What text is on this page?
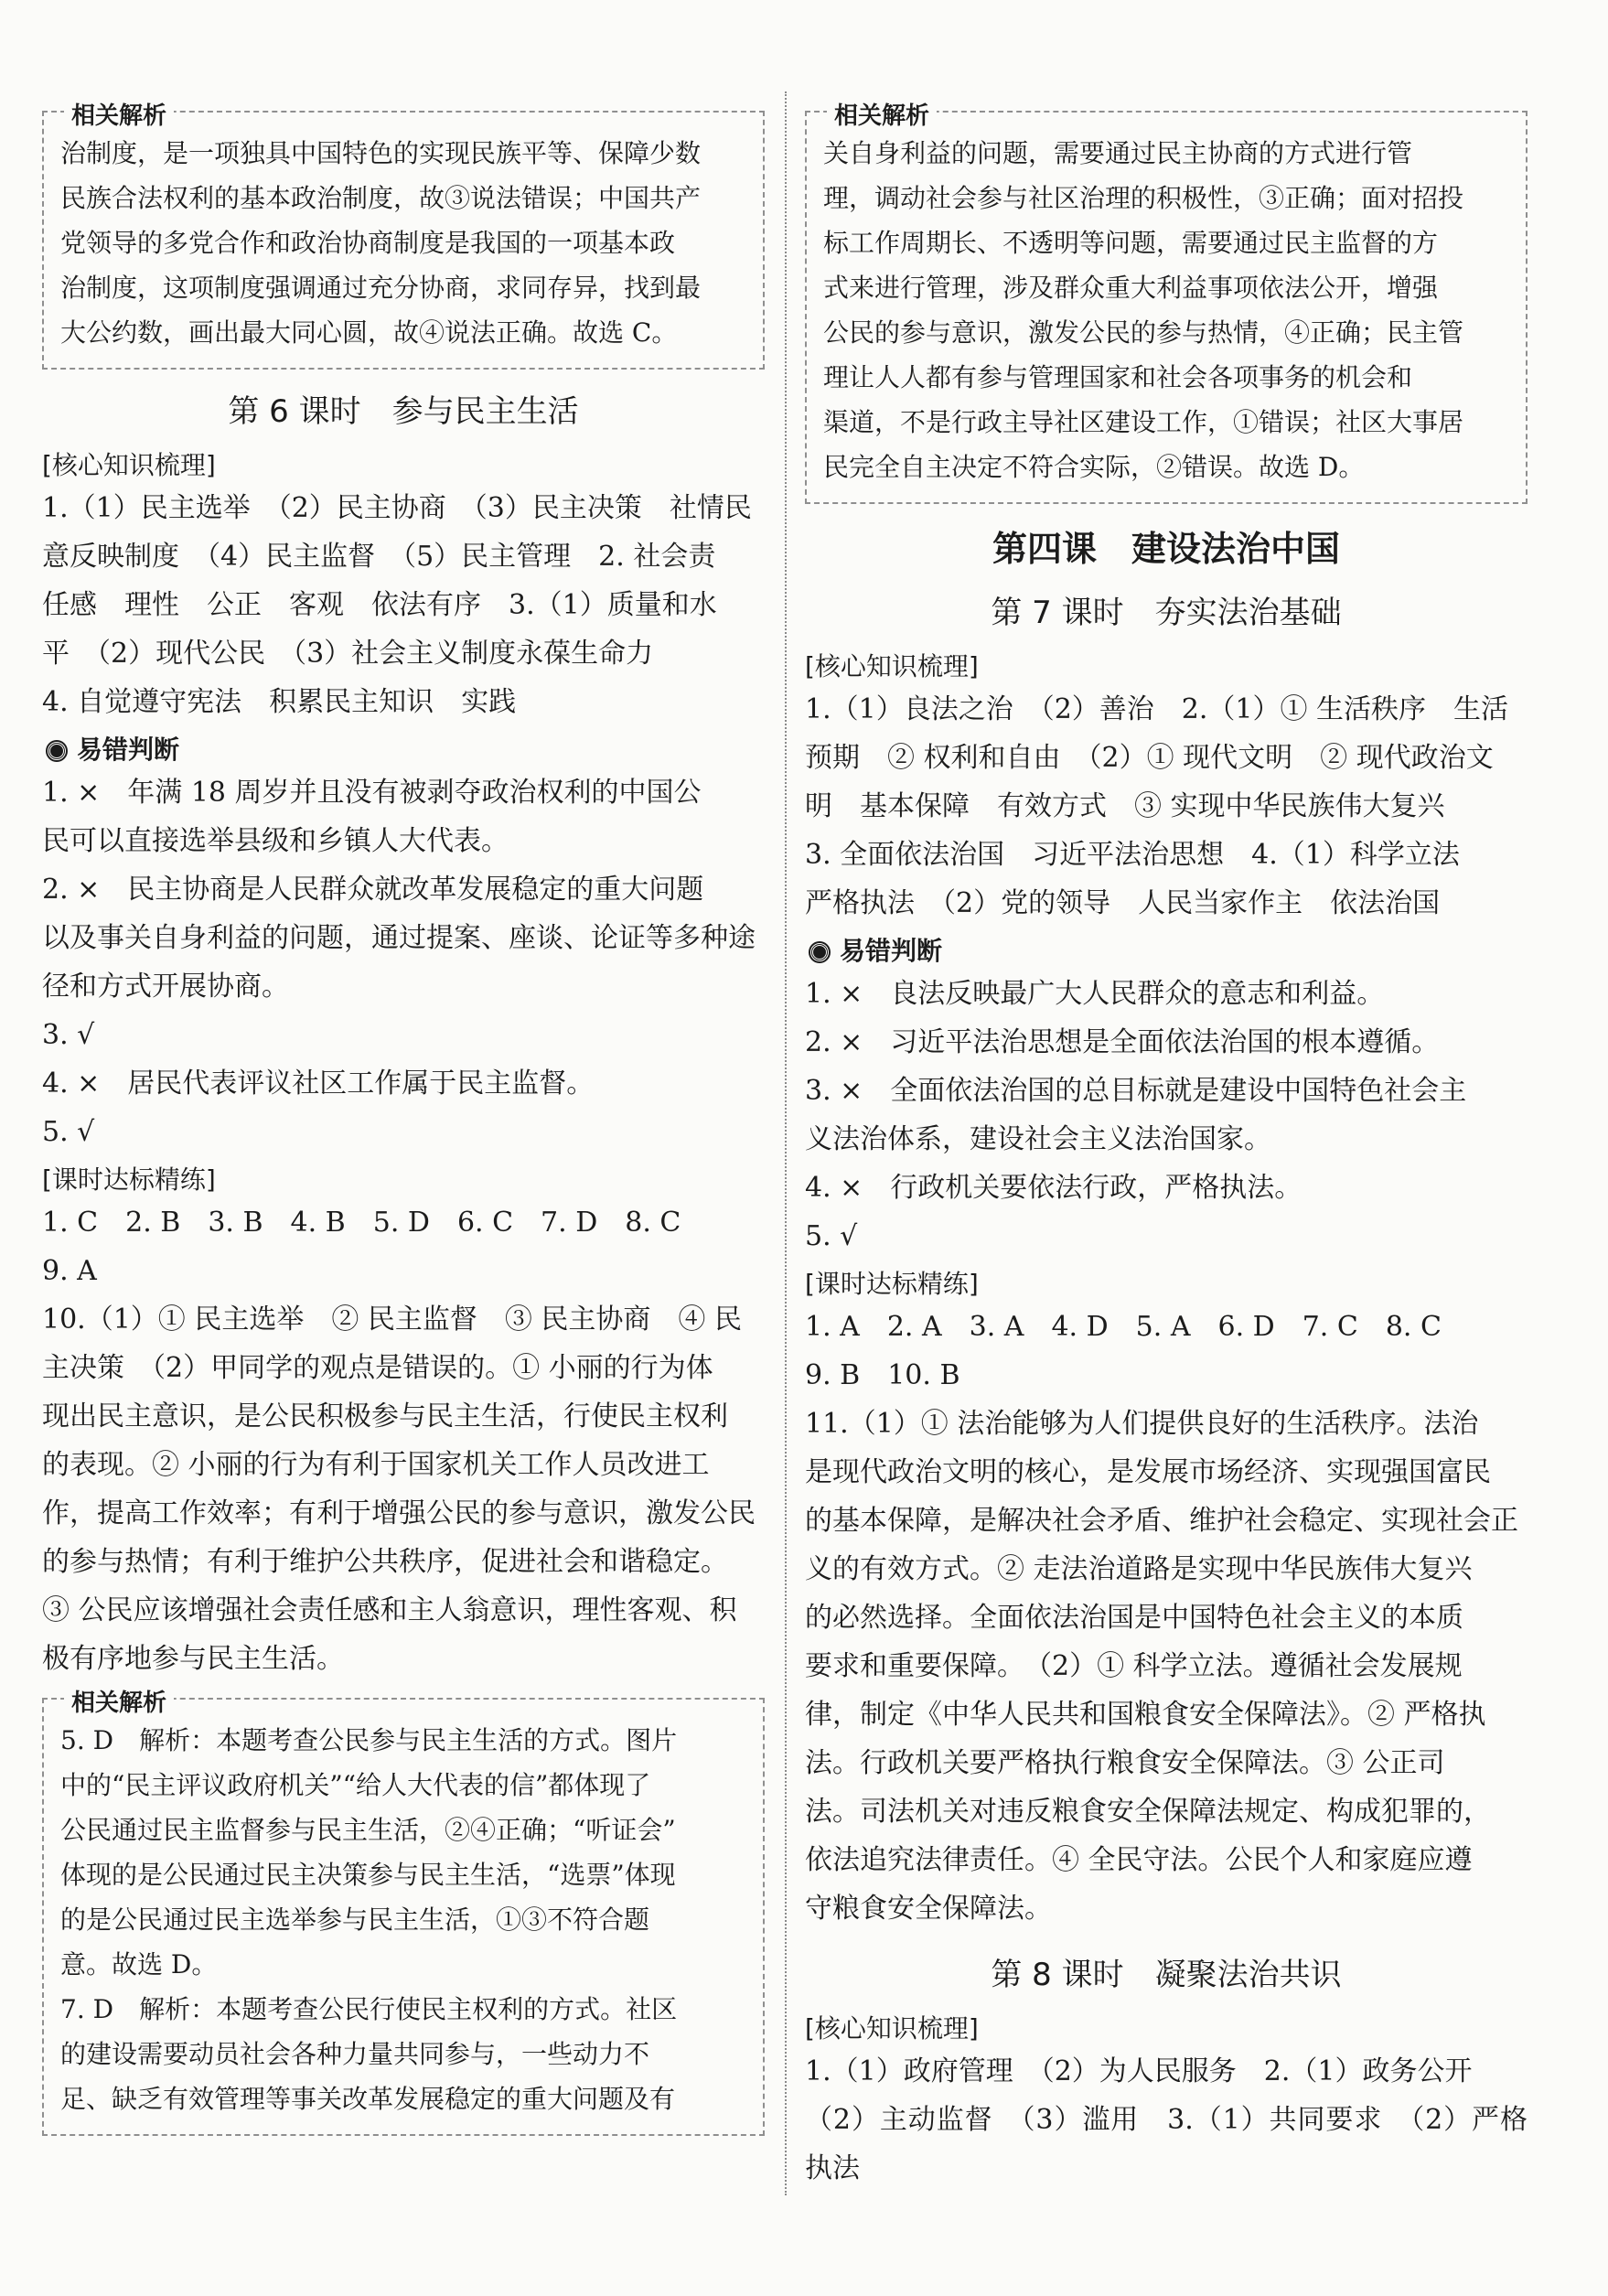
相关解析

治制度，是一项独具中国特色的实现民族平等、保障少数

民族合法权利的基本政治制度，故③说法错误；中国共产

党领导的多党合作和政治协商制度是我国的一项基本政

治制度，这项制度强调通过充分协商，求同存异，找到最

大公约数，画出最大同心圆，故④说法正确。故选 C。

第 6 课时　参与民主生活
[核心知识梳理]

1.（1）民主选举　（2）民主协商　（3）民主决策　社情民

意反映制度　（4）民主监督　（5）民主管理　2. 社会责

任感　理性　公正　客观　依法有序　3.（1）质量和水

平　（2）现代公民　（3）社会主义制度永葆生命力

4. 自觉遵守宪法　积累民主知识　实践

易错判断

1. ×　年满 18 周岁并且没有被剥夺政治权利的中国公

民可以直接选举县级和乡镇人大代表。

2. ×　民主协商是人民群众就改革发展稳定的重大问题

以及事关自身利益的问题，通过提案、座谈、论证等多种途

径和方式开展协商。

3. √

4. ×　居民代表评议社区工作属于民主监督。

5. √

[课时达标精练]

1. C　2. B　3. B　4. B　5. D　6. C　7. D　8. C

9. A

10.（1）① 民主选举　② 民主监督　③ 民主协商　④ 民

主决策　（2）甲同学的观点是错误的。① 小丽的行为体

现出民主意识，是公民积极参与民主生活，行使民主权利

的表现。② 小丽的行为有利于国家机关工作人员改进工

作，提高工作效率；有利于增强公民的参与意识，激发公民

的参与热情；有利于维护公共秩序，促进社会和谐稳定。

③ 公民应该增强社会责任感和主人翁意识，理性客观、积

极有序地参与民主生活。

相关解析

5. D　解析：本题考查公民参与民主生活的方式。图片

中的“民主评议政府机关”“给人大代表的信”都体现了

公民通过民主监督参与民主生活，②④正确；“听证会”

体现的是公民通过民主决策参与民主生活，“选票”体现

的是公民通过民主选举参与民主生活，①③不符合题

意。故选 D。

7. D　解析：本题考查公民行使民主权利的方式。社区

的建设需要动员社会各种力量共同参与，一些动力不

足、缺乏有效管理等事关改革发展稳定的重大问题及有

相关解析

关自身利益的问题，需要通过民主协商的方式进行管

理，调动社会参与社区治理的积极性，③正确；面对招投

标工作周期长、不透明等问题，需要通过民主监督的方

式来进行管理，涉及群众重大利益事项依法公开，增强

公民的参与意识，激发公民的参与热情，④正确；民主管

理让人人都有参与管理国家和社会各项事务的机会和

渠道，不是行政主导社区建设工作，①错误；社区大事居

民完全自主决定不符合实际，②错误。故选 D。

第四课　建设法治中国
第 7 课时　夯实法治基础
[核心知识梳理]

1.（1）良法之治　（2）善治　2.（1）① 生活秩序　生活

预期　② 权利和自由　（2）① 现代文明　② 现代政治文

明　基本保障　有效方式　③ 实现中华民族伟大复兴

3. 全面依法治国　习近平法治思想　4.（1）科学立法

严格执法　（2）党的领导　人民当家作主　依法治国

易错判断

1. ×　良法反映最广大人民群众的意志和利益。

2. ×　习近平法治思想是全面依法治国的根本遵循。

3. ×　全面依法治国的总目标就是建设中国特色社会主

义法治体系，建设社会主义法治国家。

4. ×　行政机关要依法行政，严格执法。

5. √

[课时达标精练]

1. A　2. A　3. A　4. D　5. A　6. D　7. C　8. C

9. B　10. B

11.（1）① 法治能够为人们提供良好的生活秩序。法治

是现代政治文明的核心，是发展市场经济、实现强国富民

的基本保障，是解决社会矛盾、维护社会稳定、实现社会正

义的有效方式。② 走法治道路是实现中华民族伟大复兴

的必然选择。全面依法治国是中国特色社会主义的本质

要求和重要保障。　（2）① 科学立法。遵循社会发展规

律，制定《中华人民共和国粮食安全保障法》。② 严格执

法。行政机关要严格执行粮食安全保障法。③ 公正司

法。司法机关对违反粮食安全保障法规定、构成犯罪的，

依法追究法律责任。④ 全民守法。公民个人和家庭应遵

守粮食安全保障法。

第 8 课时　凝聚法治共识
[核心知识梳理]

1.（1）政府管理　（2）为人民服务　2.（1）政务公开

（2）主动监督　（3）滥用　3.（1）共同要求　（2）严格执法
